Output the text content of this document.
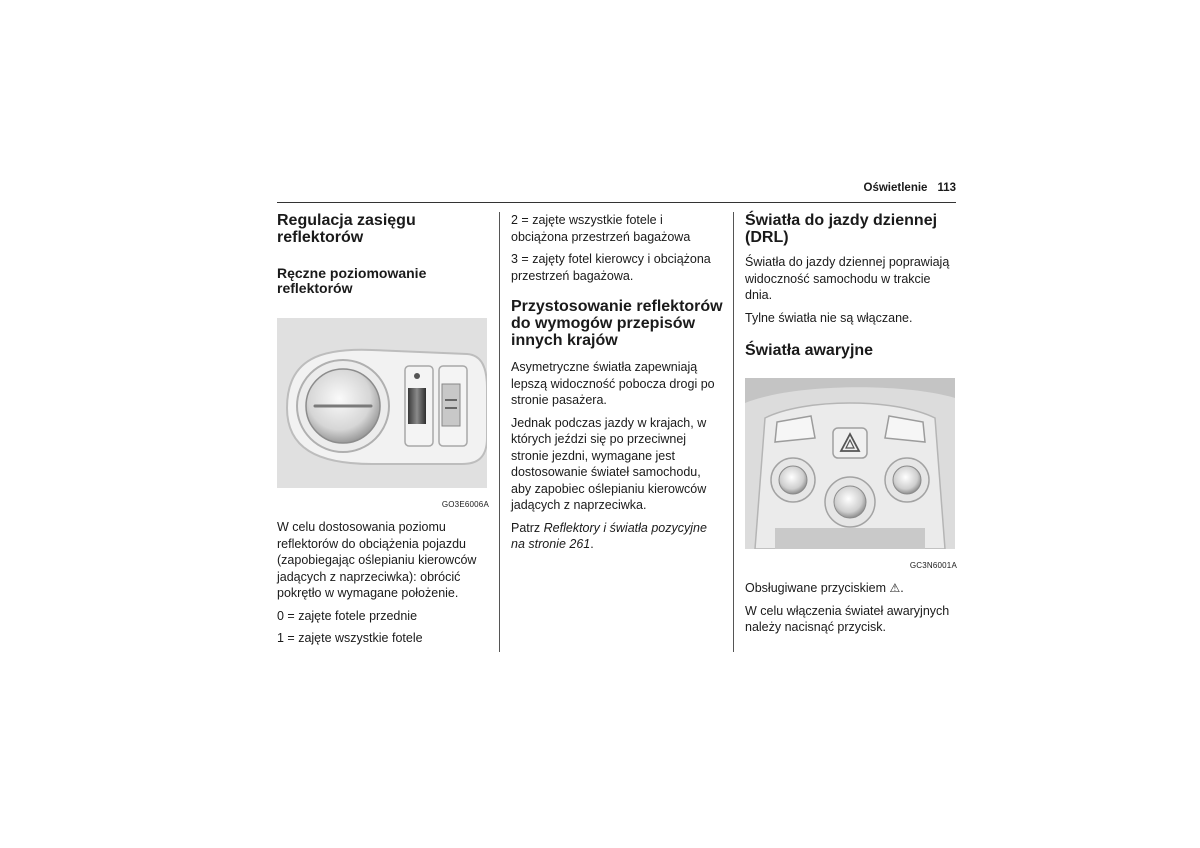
Oświetlenie 113
Regulacja zasięgu reflektorów
Ręczne poziomowanie reflektorów
GO3E6006A

W celu dostosowania poziomu reflektorów do obciążenia pojazdu (zapobiegając oślepianiu kierowców jadących z naprzeciwka): obrócić pokrętło w wymagane położenie.

0 = zajęte fotele przednie

1 = zajęte wszystkie fotele

2 = zajęte wszystkie fotele i obciążona przestrzeń bagażowa

3 = zajęty fotel kierowcy i obciążona przestrzeń bagażowa.

Przystosowanie reflektorów do wymogów przepisów innych krajów

Asymetryczne światła zapewniają lepszą widoczność pobocza drogi po stronie pasażera.

Jednak podczas jazdy w krajach, w których jeździ się po przeciwnej stronie jezdni, wymagane jest dostosowanie świateł samochodu, aby zapobiec oślepianiu kierowców jadących z naprzeciwka.

Patrz Reflektory i światła pozycyjne na stronie 261.

Światła do jazdy dziennej (DRL)

Światła do jazdy dziennej poprawiają widoczność samochodu w trakcie dnia.

Tylne światła nie są włączane.

Światła awaryjne
GC3N6001A

Obsługiwane przyciskiem ⚠.

W celu włączenia świateł awaryjnych należy nacisnąć przycisk.
